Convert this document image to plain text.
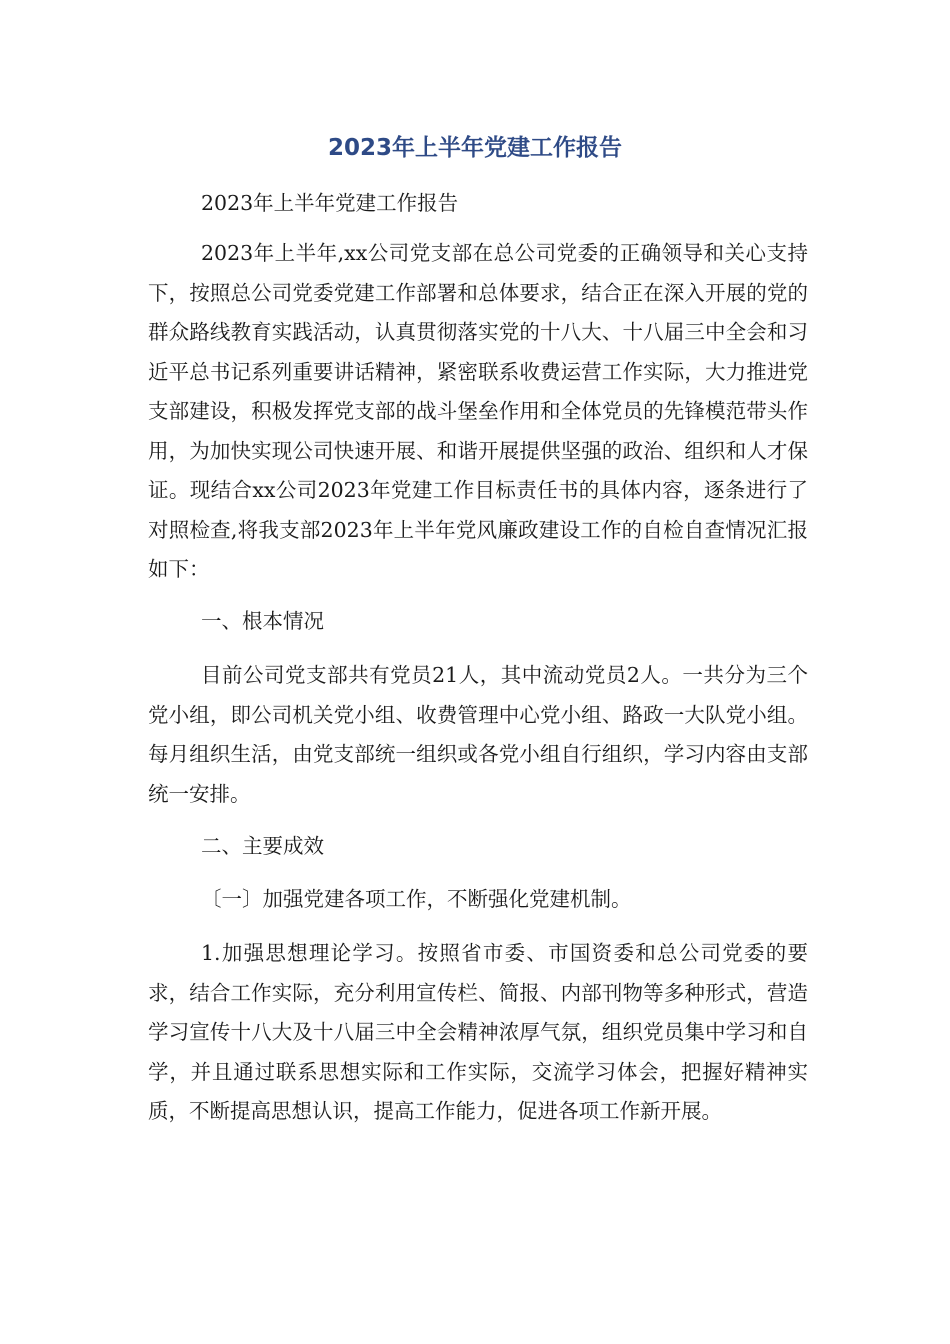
2023年上半年党建工作报告

2023年上半年党建工作报告

2023年上半年,xx公司党支部在总公司党委的正确领导和关心支持下，按照总公司党委党建工作部署和总体要求，结合正在深入开展的党的群众路线教育实践活动，认真贯彻落实党的十八大、十八届三中全会和习近平总书记系列重要讲话精神，紧密联系收费运营工作实际，大力推进党支部建设，积极发挥党支部的战斗堡垒作用和全体党员的先锋模范带头作用，为加快实现公司快速开展、和谐开展提供坚强的政治、组织和人才保证。现结合xx公司2023年党建工作目标责任书的具体内容，逐条进行了对照检查,将我支部2023年上半年党风廉政建设工作的自检自查情况汇报如下：

一、根本情况

目前公司党支部共有党员21人，其中流动党员2人。一共分为三个党小组，即公司机关党小组、收费管理中心党小组、路政一大队党小组。每月组织生活，由党支部统一组织或各党小组自行组织，学习内容由支部统一安排。

二、主要成效

〔一〕加强党建各项工作，不断强化党建机制。

1.加强思想理论学习。按照省市委、市国资委和总公司党委的要求，结合工作实际，充分利用宣传栏、简报、内部刊物等多种形式，营造学习宣传十八大及十八届三中全会精神浓厚气氛，组织党员集中学习和自学，并且通过联系思想实际和工作实际，交流学习体会，把握好精神实质，不断提高思想认识，提高工作能力，促进各项工作新开展。
